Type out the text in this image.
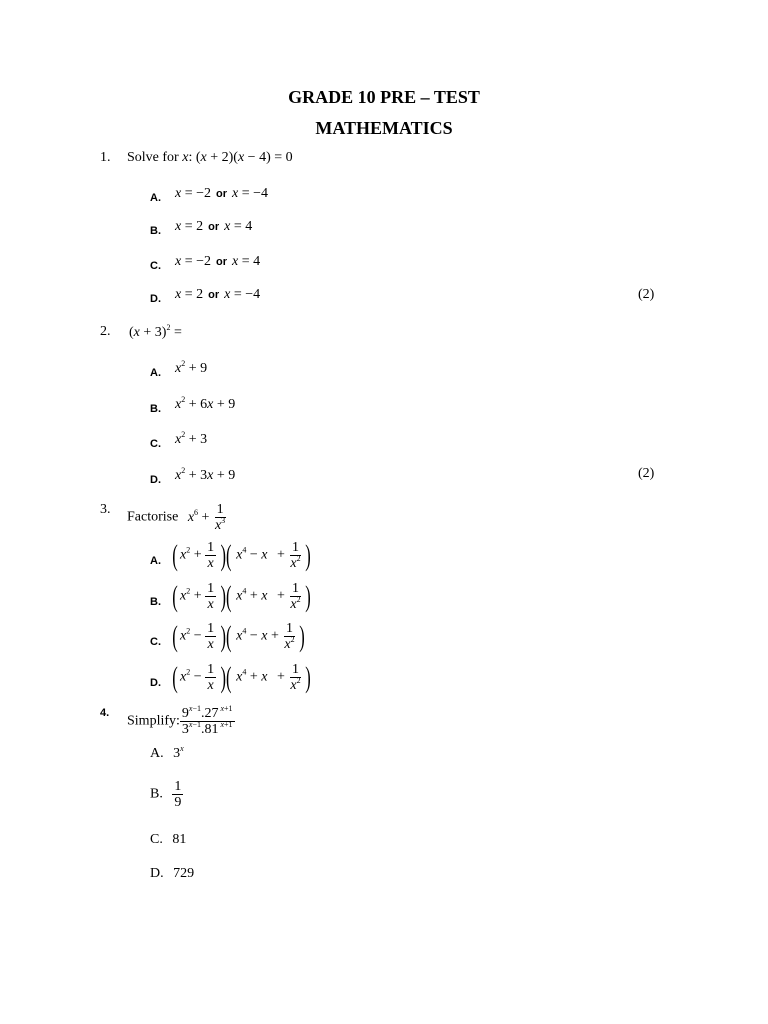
GRADE 10 PRE – TEST
MATHEMATICS
1. Solve for x: (x + 2)(x − 4) = 0
A. x = −2 or x = −4
B. x = 2 or x = 4
C. x = −2 or x = 4
D. x = 2 or x = −4	(2)
2. $(x + 3)^2$ =
A. $x^2 + 9$
B. $x^2 + 6x + 9$
C. $x^2 + 3$
D. $x^2 + 3x + 9$	(2)
3.
Factorise $x^6 + \frac{1}{x^3}$
A. ( $x^2 + \frac{1}{x}$ )( $x^4 - x + \frac{1}{x^2}$ )
B. ( $x^2 + \frac{1}{x}$ )( $x^4 + x + \frac{1}{x^2}$ )
C. ( $x^2 - \frac{1}{x}$ )( $x^4 - x + \frac{1}{x^2}$ )
D. ( $x^2 - \frac{1}{x}$ )( $x^4 + x + \frac{1}{x^2}$ )
4.
Simplify: $\frac{9^{x-1}.27 ^{x+1}}{3^{x-1}.81 ^{x+1}}$
A. 3$^x$
B. $\frac{1}{9}$
C. 81
D. 729
